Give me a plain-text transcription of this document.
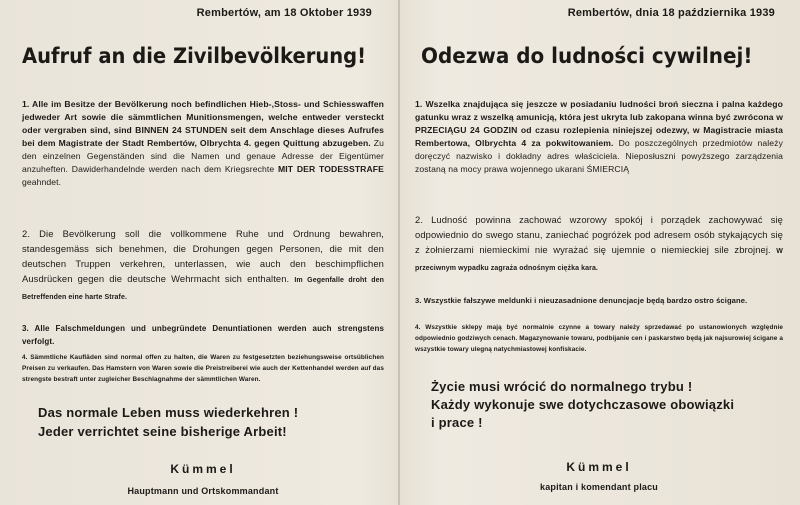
Rembertów, am 18 Oktober 1939
Aufruf an die Zivilbevölkerung!
1. Alle im Besitze der Bevölkerung noch befindlichen Hieb-,Stoss- und Schiesswaffen jedweder Art sowie die sämmtlichen Munitionsmengen, welche entweder versteckt oder vergraben sind, sind BINNEN 24 STUNDEN seit dem Anschlage dieses Aufrufes bei dem Magistrate der Stadt Rembertów, Olbrychta 4. gegen Quittung abzugeben. Zu den einzelnen Gegenständen sind die Namen und genaue Adresse der Eigentümer anzuheften. Dawiderhandelnde werden nach dem Kriegsrechte MIT DER TODESSTRAFE geahndet.
2. Die Bevölkerung soll die vollkommene Ruhe und Ordnung bewahren, standesgemäss sich benehmen, die Drohungen gegen Personen, die mit den deutschen Truppen verkehren, unterlassen, wie auch den beschimpflichen Ausdrücken gegen die deutsche Wehrmacht sich enthalten. Im Gegenfalle droht den Betreffenden eine harte Strafe.
3. Alle Falschmeldungen und unbegründete Denuntiationen werden auch strengstens verfolgt.
4. Sämmtliche Kaufläden sind normal offen zu halten, die Waren zu festgesetzten beziehungsweise ortsüblichen Preisen zu verkaufen. Das Hamstern von Waren sowie die Preistreiberei wie auch der Kettenhandel werden auf das strengste bestraft unter zugleicher Beschlagnahme der sämmtlichen Waren.
Das normale Leben muss wiederkehren !
Jeder verrichtet seine bisherige Arbeit!
Kümmel
Hauptmann und Ortskommandant
Rembertów, dnia 18 października 1939
Odezwa do ludności cywilnej!
1. Wszelka znajdująca się jeszcze w posiadaniu ludności broń sieczna i palna każdego gatunku wraz z wszelką amunicją, która jest ukryta lub zakopana winna być zwrócona w PRZECIĄGU 24 GODZIN od czasu rozlepienia niniejszej odezwy, w Magistracie miasta Rembertowa, Olbrychta 4 za pokwitowaniem. Do poszczególnych przedmiotów należy doręczyć nazwisko i dokładny adres właściciela. Nieposłuszni powyższego zarządzenia zostaną na mocy prawa wojennego ukarani ŚMIERCIĄ
2. Ludność powinna zachować wzorowy spokój i porządek zachowywać się odpowiednio do swego stanu, zaniechać pogróżek pod adresem osób stykających się z żołnierzami niemieckimi nie wyrażać się ujemnie o niemieckiej sile zbrojnej. W przeciwnym wypadku zagraża odnośnym ciężka kara.
3. Wszystkie fałszywe meldunki i nieuzasadnione denuncjacje będą bardzo ostro ścigane.
4. Wszystkie sklepy mają być normalnie czynne a towary należy sprzedawać po ustanowionych względnie odpowiednio godziwych cenach. Magazynowanie towaru, podbijanie cen i paskarstwo będą jak najsurowiej ścigane a wszystkie towary ulegną natychmiastowej konfiskacie.
Życie musi wrócić do normalnego trybu !
Każdy wykonuje swe dotychczasowe obowiązki
i prace !
Kümmel
kapitan i komendant placu
